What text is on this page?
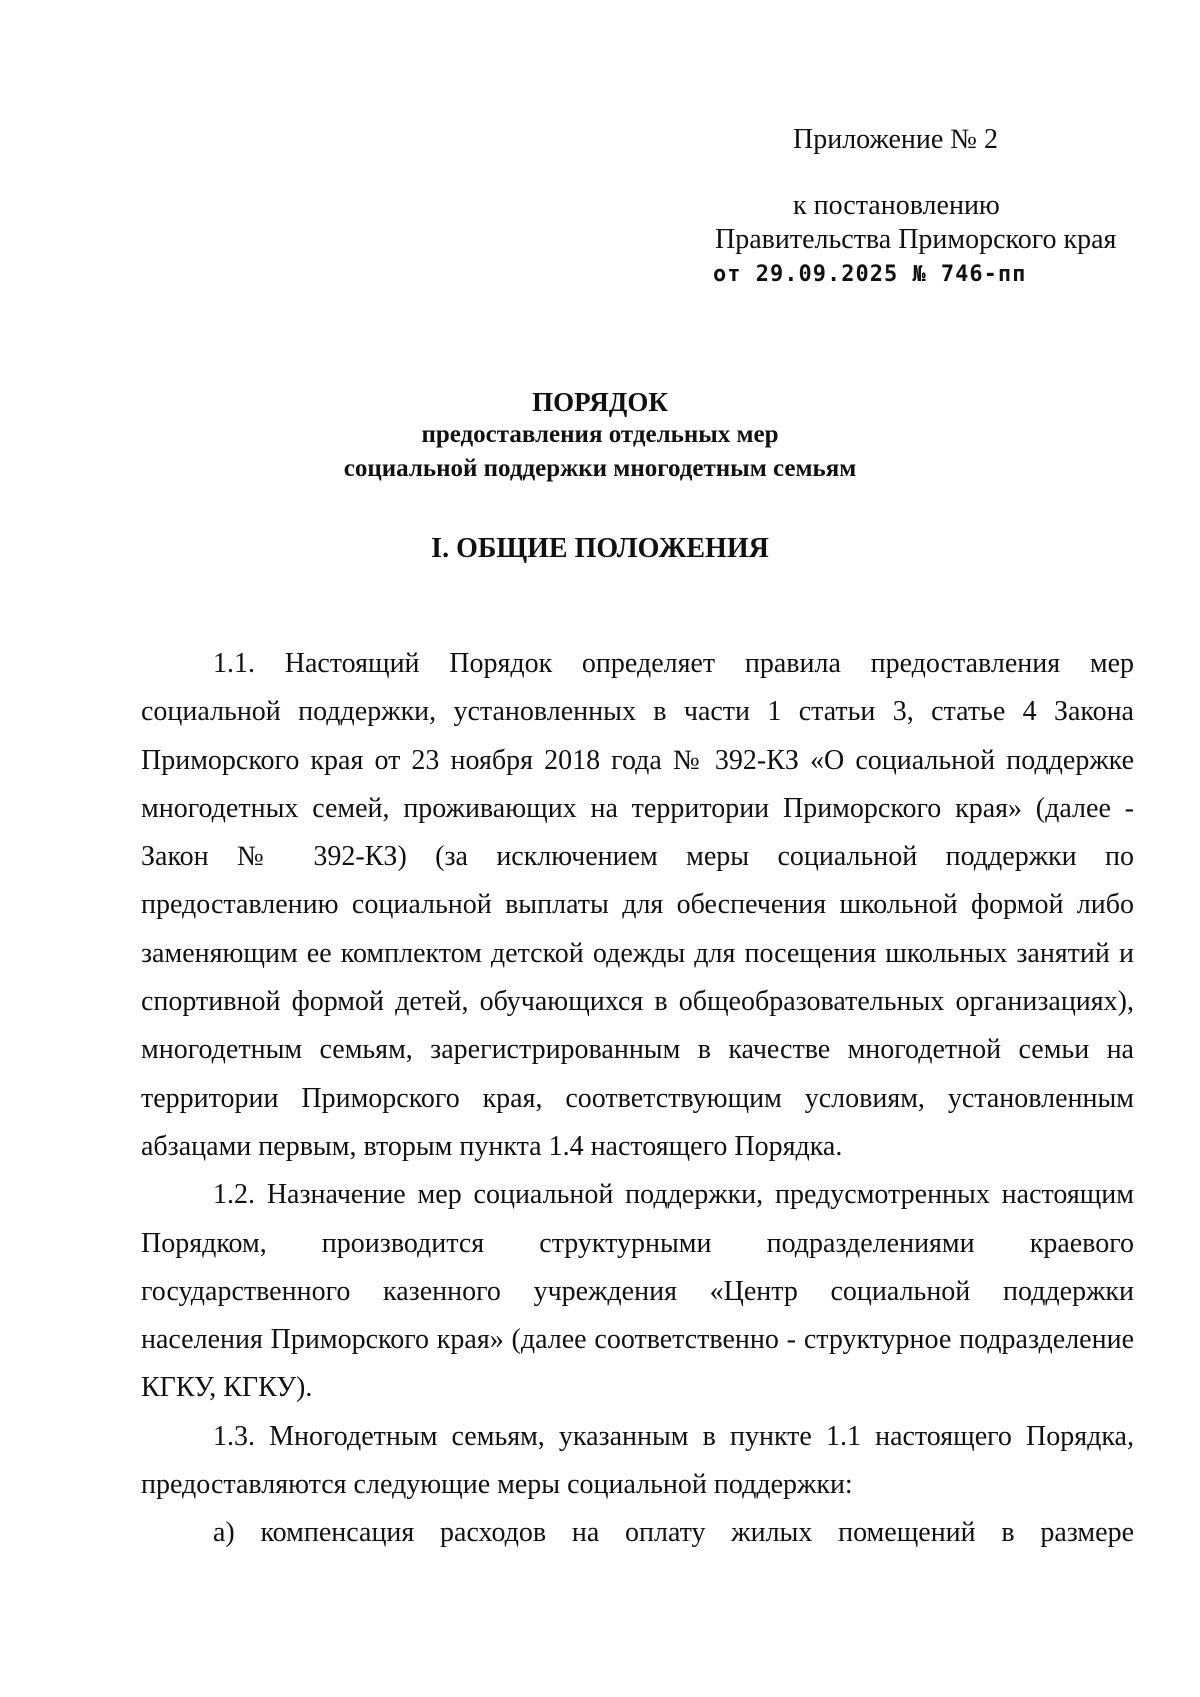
Приложение № 2
к постановлению
Правительства Приморского края
от 29.09.2025 № 746-пп
ПОРЯДОК
предоставления отдельных мер
социальной поддержки многодетным семьям
I. ОБЩИЕ ПОЛОЖЕНИЯ

1.1. Настоящий Порядок определяет правила предоставления мер социальной поддержки, установленных в части 1 статьи 3, статье 4 Закона Приморского края от 23 ноября 2018 года № 392-КЗ «О социальной поддержке многодетных семей, проживающих на территории Приморского края» (далее - Закон № 392-КЗ) (за исключением меры социальной поддержки по предоставлению социальной выплаты для обеспечения школьной формой либо заменяющим ее комплектом детской одежды для посещения школьных занятий и спортивной формой детей, обучающихся в общеобразовательных организациях), многодетным семьям, зарегистрированным в качестве многодетной семьи на территории Приморского края, соответствующим условиям, установленным абзацами первым, вторым пункта 1.4 настоящего Порядка.

1.2. Назначение мер социальной поддержки, предусмотренных настоящим Порядком, производится структурными подразделениями краевого государственного казенного учреждения «Центр социальной поддержки населения Приморского края» (далее соответственно - структурное подразделение КГКУ, КГКУ).

1.3. Многодетным семьям, указанным в пункте 1.1 настоящего Порядка, предоставляются следующие меры социальной поддержки:

а) компенсация расходов на оплату жилых помещений в размере
